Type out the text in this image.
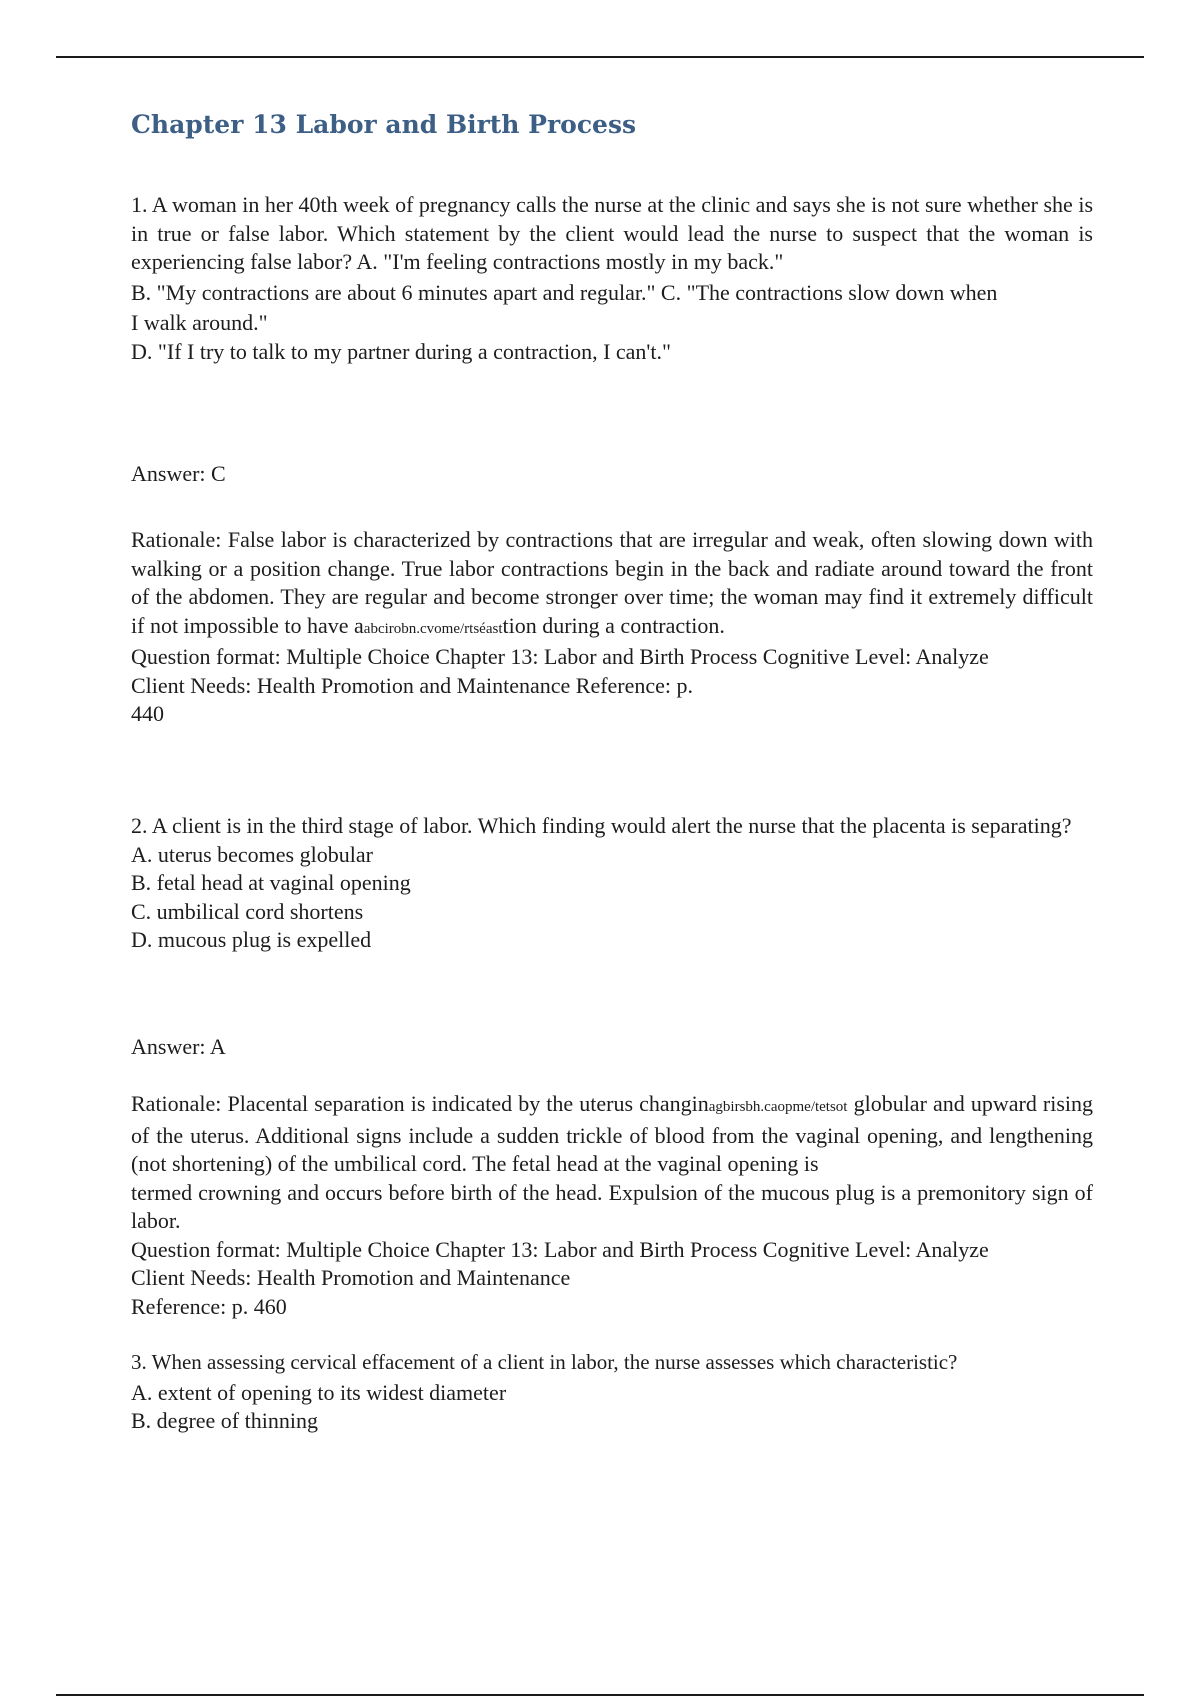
Chapter 13 Labor and Birth Process

1. A woman in her 40th week of pregnancy calls the nurse at the clinic and says she is not sure whether she is in true or false labor. Which statement by the client would lead the nurse to suspect that the woman is experiencing false labor? A. "I'm feeling contractions mostly in my back."

B. "My contractions are about 6 minutes apart and regular." C. "The contractions slow down when

I walk around."

D. "If I try to talk to my partner during a contraction, I can't."

Answer: C

Rationale: False labor is characterized by contractions that are irregular and weak, often slowing down with walking or a position change. True labor contractions begin in the back and radiate around toward the front of the abdomen. They are regular and become stronger over time; the woman may find it extremely difficult if not impossible to have aabcirobn.cvome/rtséasttion during a contraction.

Question format: Multiple Choice Chapter 13: Labor and Birth Process Cognitive Level: Analyze

Client Needs: Health Promotion and Maintenance Reference: p.

440

2. A client is in the third stage of labor. Which finding would alert the nurse that the placenta is separating?

A. uterus becomes globular

B. fetal head at vaginal opening

C. umbilical cord shortens

D. mucous plug is expelled

Answer: A

Rationale: Placental separation is indicated by the uterus changinagbirsbh.caopme/tetsot globular and upward rising of the uterus. Additional signs include a sudden trickle of blood from the vaginal opening, and lengthening (not shortening) of the umbilical cord. The fetal head at the vaginal opening is

termed crowning and occurs before birth of the head. Expulsion of the mucous plug is a premonitory sign of labor.

Question format: Multiple Choice Chapter 13: Labor and Birth Process Cognitive Level: Analyze

Client Needs: Health Promotion and Maintenance

Reference: p. 460

3. When assessing cervical effacement of a client in labor, the nurse assesses which characteristic?

A. extent of opening to its widest diameter

B. degree of thinning
